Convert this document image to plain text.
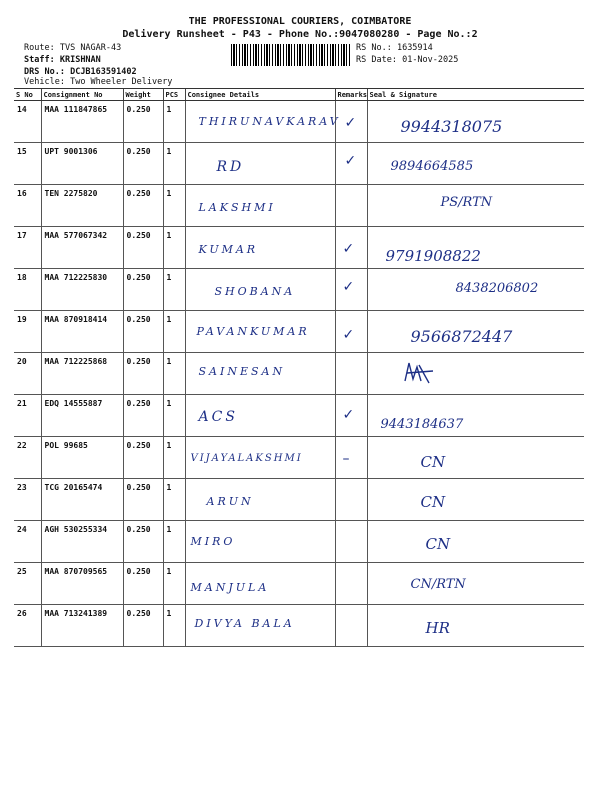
THE PROFESSIONAL COURIERS, COIMBATORE
Delivery Runsheet - P43 - Phone No.:9047080280 - Page No.:2
Route: TVS NAGAR-43
Staff: KRISHNAN
DRS No.: DCJB163591402
Vehicle: Two Wheeler Delivery
RS No.: 1635914
RS Date: 01-Nov-2025
S No	Consignment No	Weight	PCS	Consignee Details	Remarks	Seal & Signature
14	MAA 111847865	0.250	1	THIRUNAVKARAV	✓	9944318075

15	UPT 9001306	0.250	1	RD	✓	9894664585

16	TEN 2275820	0.250	1	LAKSHMI		PS/RTN

17	MAA 577067342	0.250	1	KUMAR	✓	9791908822

18	MAA 712225830	0.250	1	SHOBANA	✓	8438206802

19	MAA 870918414	0.250	1	PAVANKUMAR	✓	9566872447

20	MAA 712225868	0.250	1	SAINESAN

21	EDQ 14555887	0.250	1	ACS	✓	9443184637

22	POL 99685	0.250	1	VIJAYALAKSHMI	–	CN

23	TCG 20165474	0.250	1	ARUN		CN

24	AGH 530255334	0.250	1	MIRO		CN

25	MAA 870709565	0.250	1	MANJULA		CN/RTN

26	MAA 713241389	0.250	1	DIVYA BALA		HR
